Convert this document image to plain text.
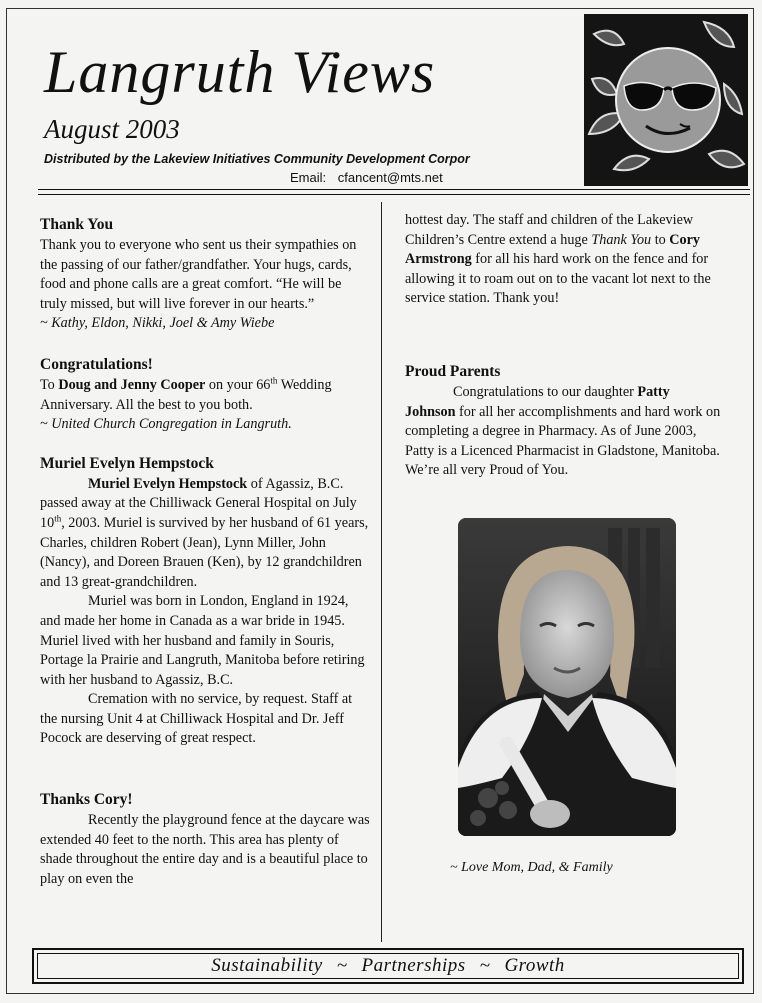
Langruth Views
August 2003
Distributed by the Lakeview Initiatives Community Development Corpor
Email: cfancent@mts.net

Thank You

Thank you to everyone who sent us their sympathies on the passing of our father/grandfather. Your hugs, cards, food and phone calls are a great comfort. “He will be truly missed, but will live forever in our hearts.”

~ Kathy, Eldon, Nikki, Joel & Amy Wiebe

Congratulations!

To Doug and Jenny Cooper on your 66th Wedding Anniversary. All the best to you both.

~ United Church Congregation in Langruth.

Muriel Evelyn Hempstock

Muriel Evelyn Hempstock of Agassiz, B.C. passed away at the Chilliwack General Hospital on July 10th, 2003. Muriel is survived by her husband of 61 years, Charles, children Robert (Jean), Lynn Miller, John (Nancy), and Doreen Brauen (Ken), by 12 grandchildren and 13 great-grandchildren.

Muriel was born in London, England in 1924, and made her home in Canada as a war bride in 1945. Muriel lived with her husband and family in Souris, Portage la Prairie and Langruth, Manitoba before retiring with her husband to Agassiz, B.C.

Cremation with no service, by request. Staff at the nursing Unit 4 at Chilliwack Hospital and Dr. Jeff Pocock are deserving of great respect.

Thanks Cory!

Recently the playground fence at the daycare was extended 40 feet to the north. This area has plenty of shade throughout the entire day and is a beautiful place to play on even the

hottest day. The staff and children of the Lakeview Children’s Centre extend a huge Thank You to Cory Armstrong for all his hard work on the fence and for allowing it to roam out on to the vacant lot next to the service station. Thank you!

Proud Parents

Congratulations to our daughter Patty Johnson for all her accomplishments and hard work on completing a degree in Pharmacy. As of June 2003, Patty is a Licenced Pharmacist in Gladstone, Manitoba. We’re all very Proud of You.

~ Love Mom, Dad, & Family
Sustainability ~ Partnerships ~ Growth
